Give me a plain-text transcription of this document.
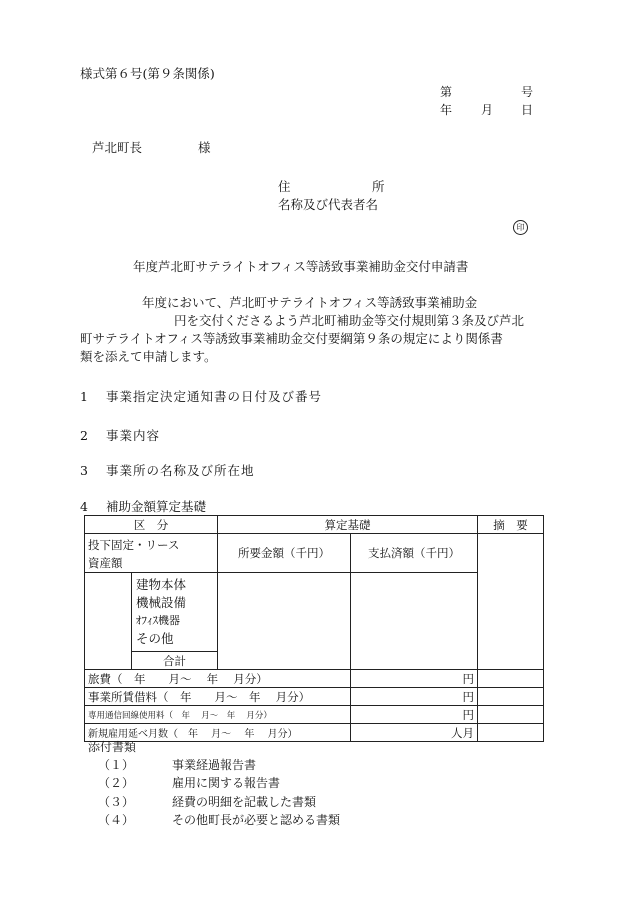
様式第６号(第９条関係)
第	号
年 月 日
芦北町長	様
住	所
名称及び代表者名
印
年度芦北町サテライトオフィス等誘致事業補助金交付申請書
年度において、芦北町サテライトオフィス等誘致事業補助金
円を交付くださるよう芦北町補助金等交付規則第３条及び芦北
町サテライトオフィス等誘致事業補助金交付要綱第９条の規定により関係書
類を添えて申請します。
1 事業指定決定通知書の日付及び番号
2 事業内容
3 事業所の名称及び所在地
4 補助金額算定基礎
区　分		算定基礎		摘　要

投下固定・リース
資産額		所要金額（千円）	支払済額（千円）	

	建物本体
機械設備
ｵﾌｨｽ機器
その他			

	合計			
旅費（　年　　月～　 年　 月分）			円	
事業所賃借料（　年　　月～　年　 月分）			円	
専用通信回線使用料（　年　 月～　年　 月分）			円	
新規雇用延べ月数（　年　 月～　 年　 月分）			人月	
添付書類
（１）	事業経過報告書
（２）	雇用に関する報告書
（３）	経費の明細を記載した書類
（４）	その他町長が必要と認める書類
